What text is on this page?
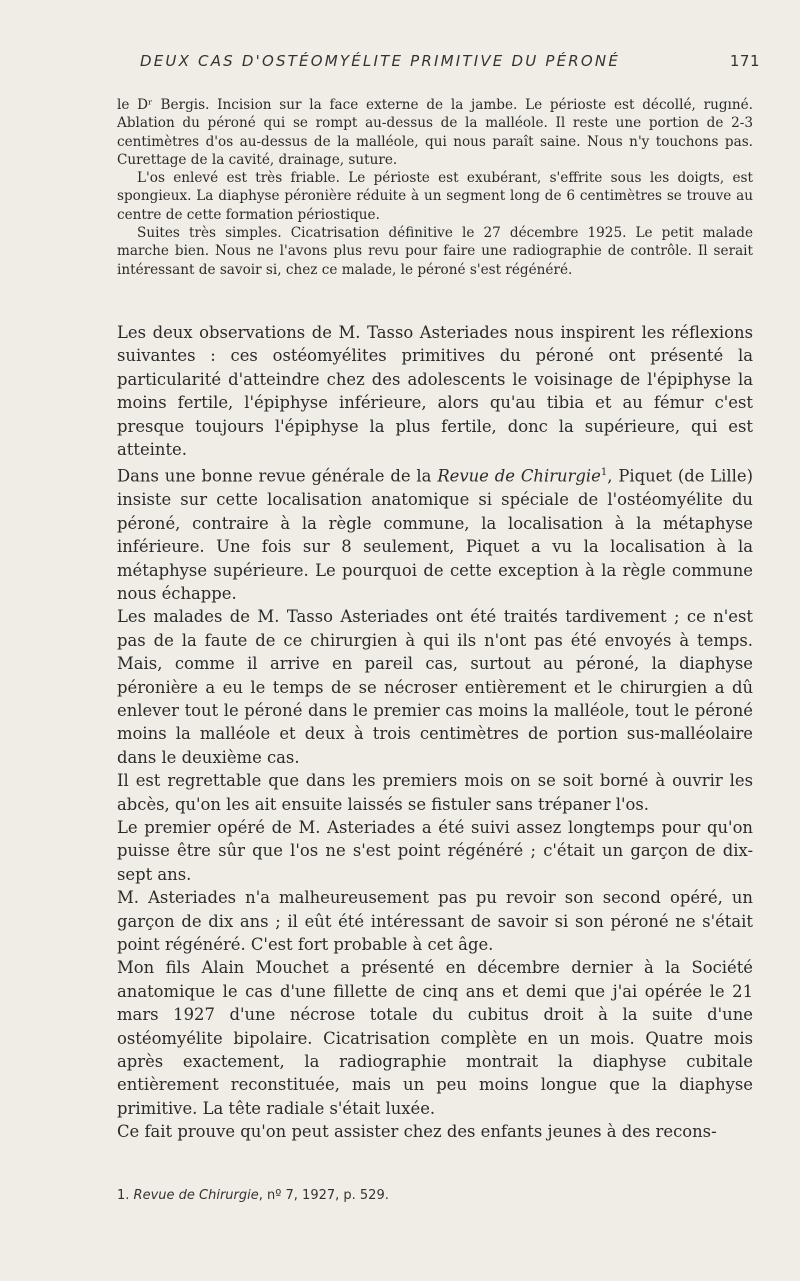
DEUX CAS D'OSTÉOMYÉLITE PRIMITIVE DU PÉRONÉ	171

le Dʳ Bergis. Incision sur la face externe de la jambe. Le périoste est décollé, rugıné. Ablation du péroné qui se rompt au-dessus de la malléole. Il reste une portion de 2-3 centimètres d'os au-dessus de la malléole, qui nous paraît saine. Nous n'y touchons pas. Curettage de la cavité, drainage, suture.

L'os enlevé est très friable. Le périoste est exubérant, s'effrite sous les doigts, est spongieux. La diaphyse péronière réduite à un segment long de 6 centimètres se trouve au centre de cette formation périostique.

Suites très simples. Cicatrisation définitive le 27 décembre 1925. Le petit malade marche bien. Nous ne l'avons plus revu pour faire une radiographie de contrôle. Il serait intéressant de savoir si, chez ce malade, le péroné s'est régénéré.

Les deux observations de M. Tasso Asteriades nous inspirent les réflexions suivantes : ces ostéomyélites primitives du péroné ont présenté la particularité d'atteindre chez des adolescents le voisinage de l'épiphyse la moins fertile, l'épiphyse inférieure, alors qu'au tibia et au fémur c'est presque toujours l'épiphyse la plus fertile, donc la supérieure, qui est atteinte.

Dans une bonne revue générale de la Revue de Chirurgie$^1$, Piquet (de Lille) insiste sur cette localisation anatomique si spéciale de l'ostéomyélite du péroné, contraire à la règle commune, la localisation à la métaphyse inférieure. Une fois sur 8 seulement, Piquet a vu la localisation à la métaphyse supérieure. Le pourquoi de cette exception à la règle commune nous échappe.

Les malades de M. Tasso Asteriades ont été traités tardivement ; ce n'est pas de la faute de ce chirurgien à qui ils n'ont pas été envoyés à temps. Mais, comme il arrive en pareil cas, surtout au péroné, la diaphyse péronière a eu le temps de se nécroser entièrement et le chirurgien a dû enlever tout le péroné dans le premier cas moins la malléole, tout le péroné moins la malléole et deux à trois centimètres de portion sus-malléolaire dans le deuxième cas.

Il est regrettable que dans les premiers mois on se soit borné à ouvrir les abcès, qu'on les ait ensuite laissés se fistuler sans trépaner l'os.

Le premier opéré de M. Asteriades a été suivi assez longtemps pour qu'on puisse être sûr que l'os ne s'est point régénéré ; c'était un garçon de dix-sept ans.

M. Asteriades n'a malheureusement pas pu revoir son second opéré, un garçon de dix ans ; il eût été intéressant de savoir si son péroné ne s'était point régénéré. C'est fort probable à cet âge.

Mon fils Alain Mouchet a présenté en décembre dernier à la Société anatomique le cas d'une fillette de cinq ans et demi que j'ai opérée le 21 mars 1927 d'une nécrose totale du cubitus droit à la suite d'une ostéomyélite bipolaire. Cicatrisation complète en un mois. Quatre mois après exactement, la radiographie montrait la diaphyse cubitale entièrement reconstituée, mais un peu moins longue que la diaphyse primitive. La tête radiale s'était luxée.

Ce fait prouve qu'on peut assister chez des enfants jeunes à des recons-

1. Revue de Chirurgie, nº 7, 1927, p. 529.
